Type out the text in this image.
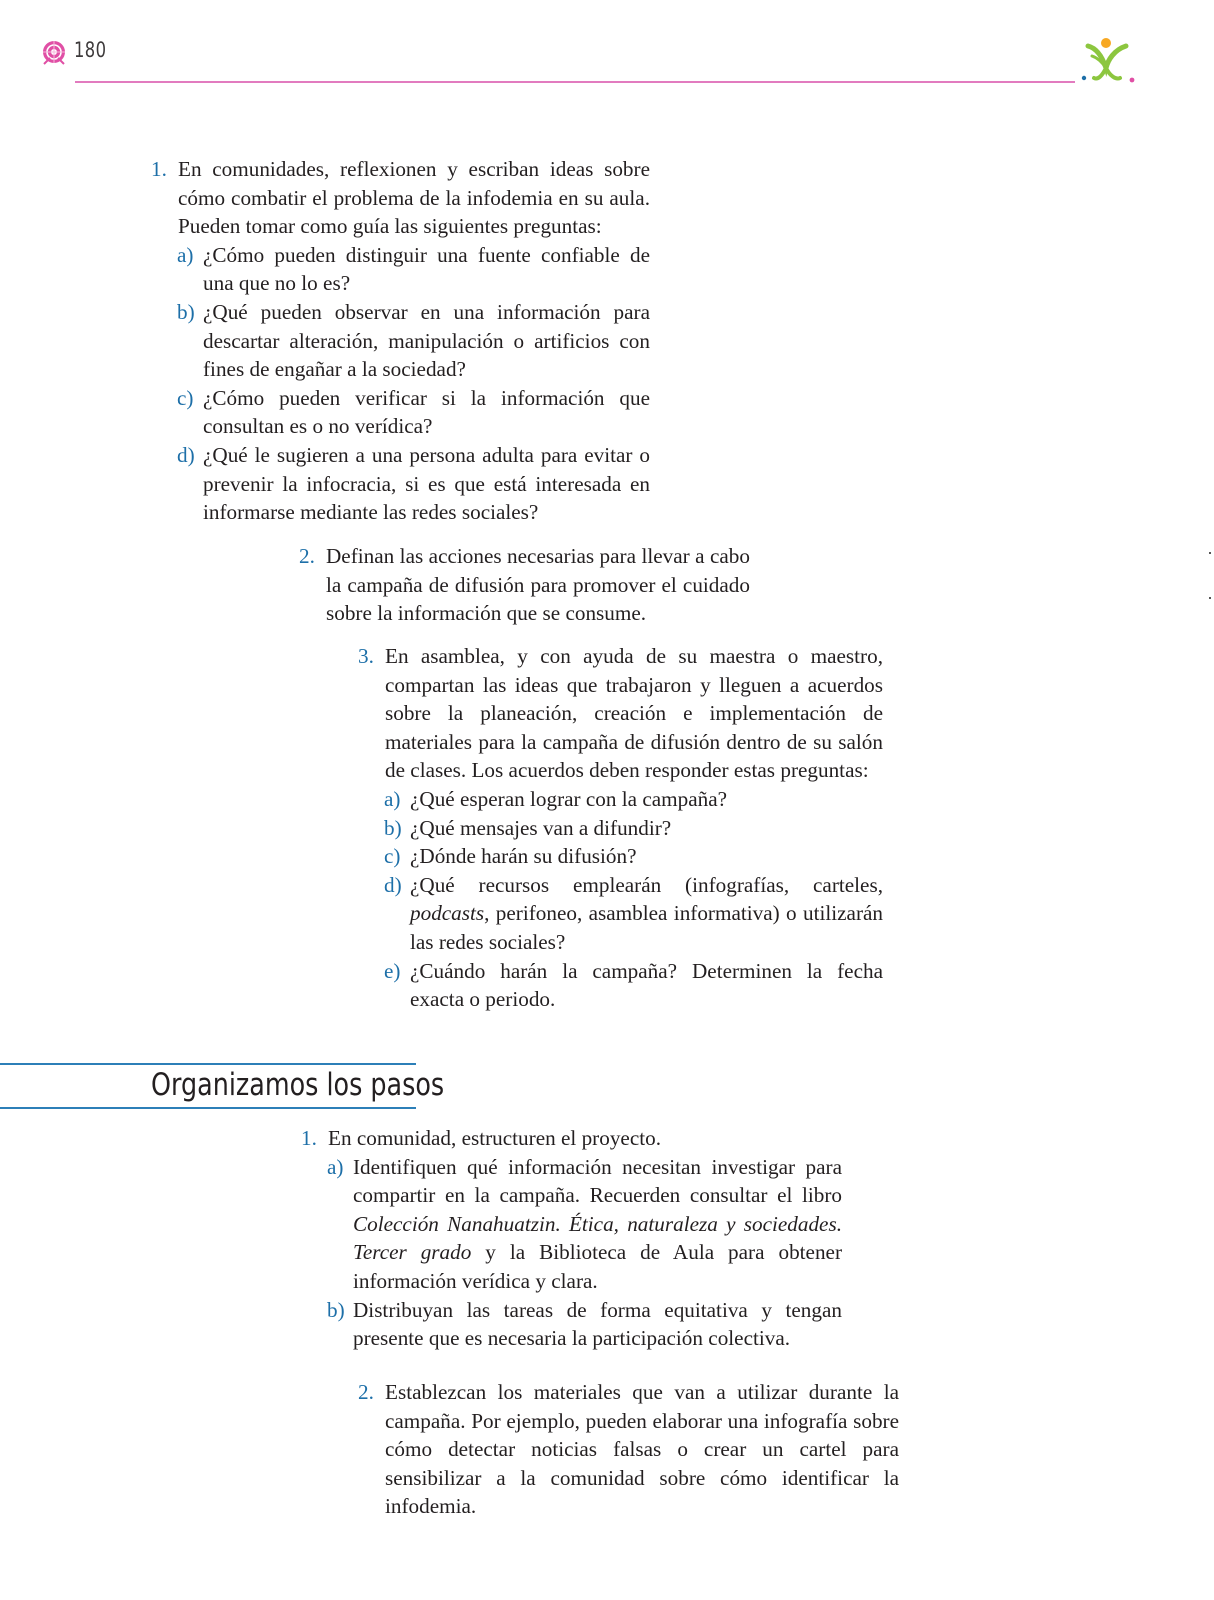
180
1. En comunidades, reflexionen y escriban ideas sobre cómo combatir el problema de la infodemia en su aula. Pueden tomar como guía las siguientes preguntas:
a) ¿Cómo pueden distinguir una fuente confiable de una que no lo es?
b) ¿Qué pueden observar en una información para descartar alteración, manipulación o artificios con fines de engañar a la sociedad?
c) ¿Cómo pueden verificar si la información que consultan es o no verídica?
d) ¿Qué le sugieren a una persona adulta para evitar o prevenir la infocracia, si es que está interesada en informarse mediante las redes sociales?
2. Definan las acciones necesarias para llevar a cabo la campaña de difusión para promover el cuidado sobre la información que se consume.
3. En asamblea, y con ayuda de su maestra o maestro, compartan las ideas que trabajaron y lleguen a acuerdos sobre la planeación, creación e implementación de materiales para la campaña de difusión dentro de su salón de clases. Los acuerdos deben responder estas preguntas:
a) ¿Qué esperan lograr con la campaña?
b) ¿Qué mensajes van a difundir?
c) ¿Dónde harán su difusión?
d) ¿Qué recursos emplearán (infografías, carteles, podcasts, perifoneo, asamblea informativa) o utilizarán las redes sociales?
e) ¿Cuándo harán la campaña? Determinen la fecha exacta o periodo.
Organizamos los pasos
1. En comunidad, estructuren el proyecto.
a) Identifiquen qué información necesitan investigar para compartir en la campaña. Recuerden consultar el libro Colección Nanahuatzin. Ética, naturaleza y sociedades. Tercer grado y la Biblioteca de Aula para obtener información verídica y clara.
b) Distribuyan las tareas de forma equitativa y tengan presente que es necesaria la participación colectiva.
2. Establezcan los materiales que van a utilizar durante la campaña. Por ejemplo, pueden elaborar una infografía sobre cómo detectar noticias falsas o crear un cartel para sensibilizar a la comunidad sobre cómo identificar la infodemia.
